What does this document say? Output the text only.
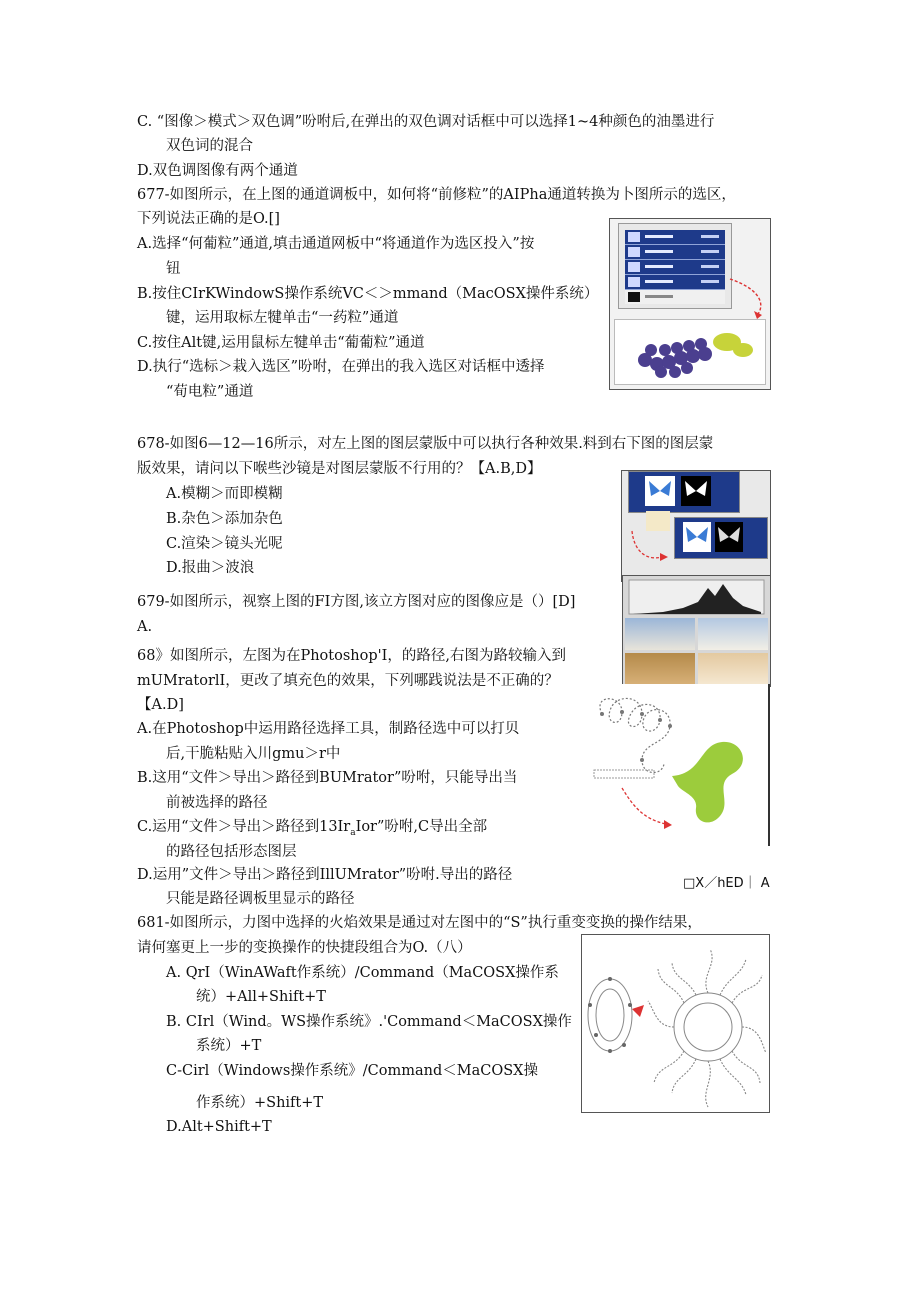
C. “图像＞模式＞双色调”吩咐后,在弹出的双色调对话框中可以选择1~4种颜色的油墨进行
双色词的混合
D.双色调图像有两个通道
677-如图所示，在上图的通道调板中，如何将“前修粒”的AIPha通道转换为卜图所示的选区，
下列说法正确的是O.[]
A.选择“何葡粒”通道,填击通道网板中“将通道作为选区投入”按
钮
B.按住CIrKWindowS操作系统VC＜＞mmand（MacOSX操件系统）
键，运用取标左犍单击“一药粒”通道
C.按住Alt键,运用鼠标左犍单击“葡葡粒”通道
D.执行“选标＞栽入选区”吩咐，在弹出的我入选区对话框中透择
“荀电粒”通道
678-如图6—12—16所示，对左上图的图层蒙版中可以执行各种效果.料到右下图的图层蒙
版效果，请问以下喉些沙镜是对图层蒙版不行用的？【A.B,D】
A.模糊＞而即模糊
B.杂色＞添加杂色
C.渲染＞镜头光呢
D.报曲＞波浪
679-如图所示，视察上图的FI方图,该立方图对应的图像应是（）[D]
A.
68》如图所示，左图为在Photoshop'I，的路径,右图为路较输入到
mUMratorlI，更改了填充色的效果，下列哪践说法是不正确的？
【A.D]
A.在Photoshop中运用路径选择工具，制路径选中可以打贝
后,干脆粘贴入川gmu＞r中
B.这用“文件＞导出＞路径到BUMrator”吩咐，只能导出当
前被选择的路径
C.运用“文件＞导出＞路径到$13Ir_aIor$”吩咐,C导出全部
的路径包括形态图层
D.运用”文件＞导出＞路径到IllUMrator”吩咐.导出的路径
只能是路径调板里显示的路径
□X／hED｜ A
681-如图所示，力图中选择的火焰效果是通过对左图中的“S”执行重变变换的操作结果，
请何塞更上一步的变换操作的快捷段组合为O.（八）
A. QrI（WinAWaft作系统）/Command（MaCOSX操作系
统）+All+Shift+T
B. CIrl（Wind。WS操作系统》.'Command＜MaCOSX操作
系统）+T
C-Cirl（Windows操作系统》/Command＜MaCOSX操
作系统）+Shift+T
D.Alt+Shift+T
